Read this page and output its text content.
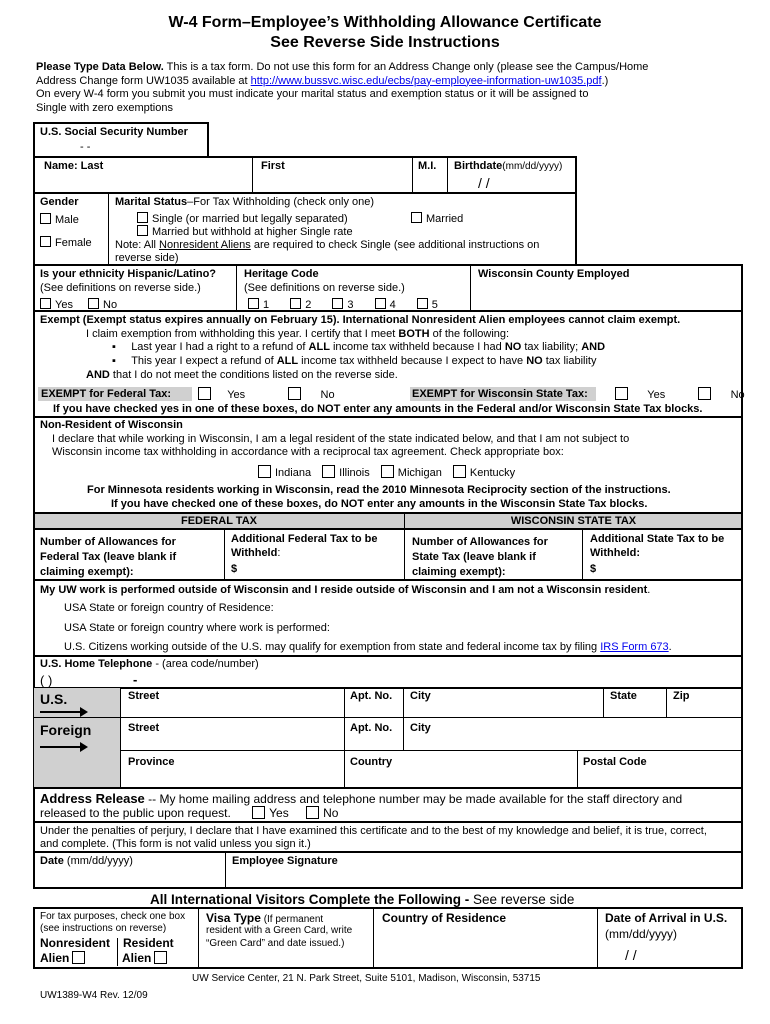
W-4 Form–Employee’s Withholding Allowance Certificate
See Reverse Side Instructions
Please Type Data Below. This is a tax form. Do not use this form for an Address Change only (please see the Campus/Home
Address Change form UW1035 available at http://www.bussvc.wisc.edu/ecbs/pay-employee-information-uw1035.pdf.)
On every W-4 form you submit you must indicate your marital status and exemption status or it will be assigned to
Single with zero exemptions
U.S. Social Security Number
- -
Name: Last	First	M.I. Birthdate(mm/dd/yyyy)
/ /
Gender
Male
Female
Marital Status–For Tax Withholding (check only one)
Single (or married but legally separated)	Married
Married but withhold at higher Single rate
Note: All Nonresident Aliens are required to check Single (see additional instructions on
reverse side)
Is your ethnicity Hispanic/Latino?
(See definitions on reverse side.)
Yes	No
Heritage Code
(See definitions on reverse side.)
1	2	3	4	5
Wisconsin County Employed
Exempt (Exempt status expires annually on February 15). International Nonresident Alien employees cannot claim exempt.
I claim exemption from withholding this year. I certify that I meet BOTH of the following:
▪     Last year I had a right to a refund of ALL income tax withheld because I had NO tax liability; AND
▪     This year I expect a refund of ALL income tax withheld because I expect to have NO tax liability
AND that I do not meet the conditions listed on the reverse side.
EXEMPT for Federal Tax:	Yes	No	EXEMPT for Wisconsin State Tax:	Yes	No
If you have checked yes in one of these boxes, do NOT enter any amounts in the Federal and/or Wisconsin State Tax blocks.
Non-Resident of Wisconsin
I declare that while working in Wisconsin, I am a legal resident of the state indicated below, and that I am not subject to
Wisconsin income tax withholding in accordance with a reciprocal tax agreement. Check appropriate box:
Indiana	Illinois	Michigan	Kentucky
For Minnesota residents working in Wisconsin, read the 2010 Minnesota Reciprocity section of the instructions.
If you have checked one of these boxes, do NOT enter any amounts in the Wisconsin State Tax blocks.
FEDERAL TAX	WISCONSIN STATE TAX
Number of Allowances for
Federal Tax (leave blank if
claiming exempt):
Additional Federal Tax to be
Withheld:
$
Number of Allowances for
State Tax (leave blank if
claiming exempt):
Additional State Tax to be
Withheld:
$
My UW work is performed outside of Wisconsin and I reside outside of Wisconsin and I am not a Wisconsin resident.
USA State or foreign country of Residence:
USA State or foreign country where work is performed:
U.S. Citizens working outside of the U.S. may qualify for exemption from state and federal income tax by filing IRS Form 673.
U.S. Home Telephone - (area code/number)
( )	-
U.S.
Foreign
Street	Apt. No. City	State	Zip
Street	Apt. No. City
Province	Country	Postal Code
Address Release -- My home mailing address and telephone number may be made available for the staff directory and
released to the public upon request.	Yes	No
Under the penalties of perjury, I declare that I have examined this certificate and to the best of my knowledge and belief, it is true, correct,
and complete. (This form is not valid unless you sign it.)
Date (mm/dd/yyyy)	Employee Signature
All International Visitors Complete the Following - See reverse side
For tax purposes, check one box
(see instructions on reverse)
Nonresident Resident
Alien	Alien
Visa Type (If permanent
resident with a Green Card, write
“Green Card” and date issued.)
Country of Residence	Date of Arrival in U.S.
(mm/dd/yyyy)
/ /
UW Service Center, 21 N. Park Street, Suite 5101, Madison, Wisconsin, 53715
UW1389-W4 Rev. 12/09
